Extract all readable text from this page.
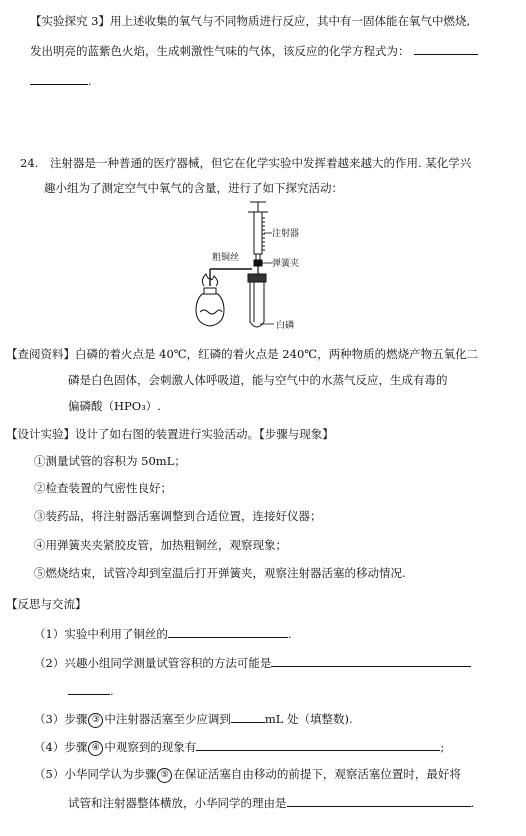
【实验探究 3】用上述收集的氧气与不同物质进行反应，其中有一固体能在氧气中燃烧,
发出明亮的蓝紫色火焰，生成刺激性气味的气体，该反应的化学方程式为：
.
24. 注射器是一种普通的医疗器械，但它在化学实验中发挥着越来越大的作用. 某化学兴
趣小组为了测定空气中氧气的含量，进行了如下探究活动：
注射器
弹簧夹
白磷
粗铜丝
【查阅资料】白磷的着火点是 40℃，红磷的着火点是 240℃，两种物质的燃烧产物五氧化二
磷是白色固体，会刺激人体呼吸道，能与空气中的水蒸气反应，生成有毒的
偏磷酸（HPO₃）.
【设计实验】设计了如右图的装置进行实验活动。【步骤与现象】
①测量试管的容积为 50mL；
②检查装置的气密性良好；
③装药品，将注射器活塞调整到合适位置，连接好仪器；
④用弹簧夹夹紧胶皮管，加热粗铜丝，观察现象；
⑤燃烧结束，试管冷却到室温后打开弹簧夹，观察注射器活塞的移动情况.
【反思与交流】
（1）实验中利用了铜丝的	.
（2）兴趣小组同学测量试管容积的方法可能是
.
（3）步骤 ③ 中注射器活塞至少应调到	mL 处（填整数).
（4）步骤 ④ 中观察到的现象有	;
（5）小华同学认为步骤 ⑤ 在保证活塞自由移动的前提下，观察活塞位置时，最好将
试管和注射器整体横放，小华同学的理由是	.
